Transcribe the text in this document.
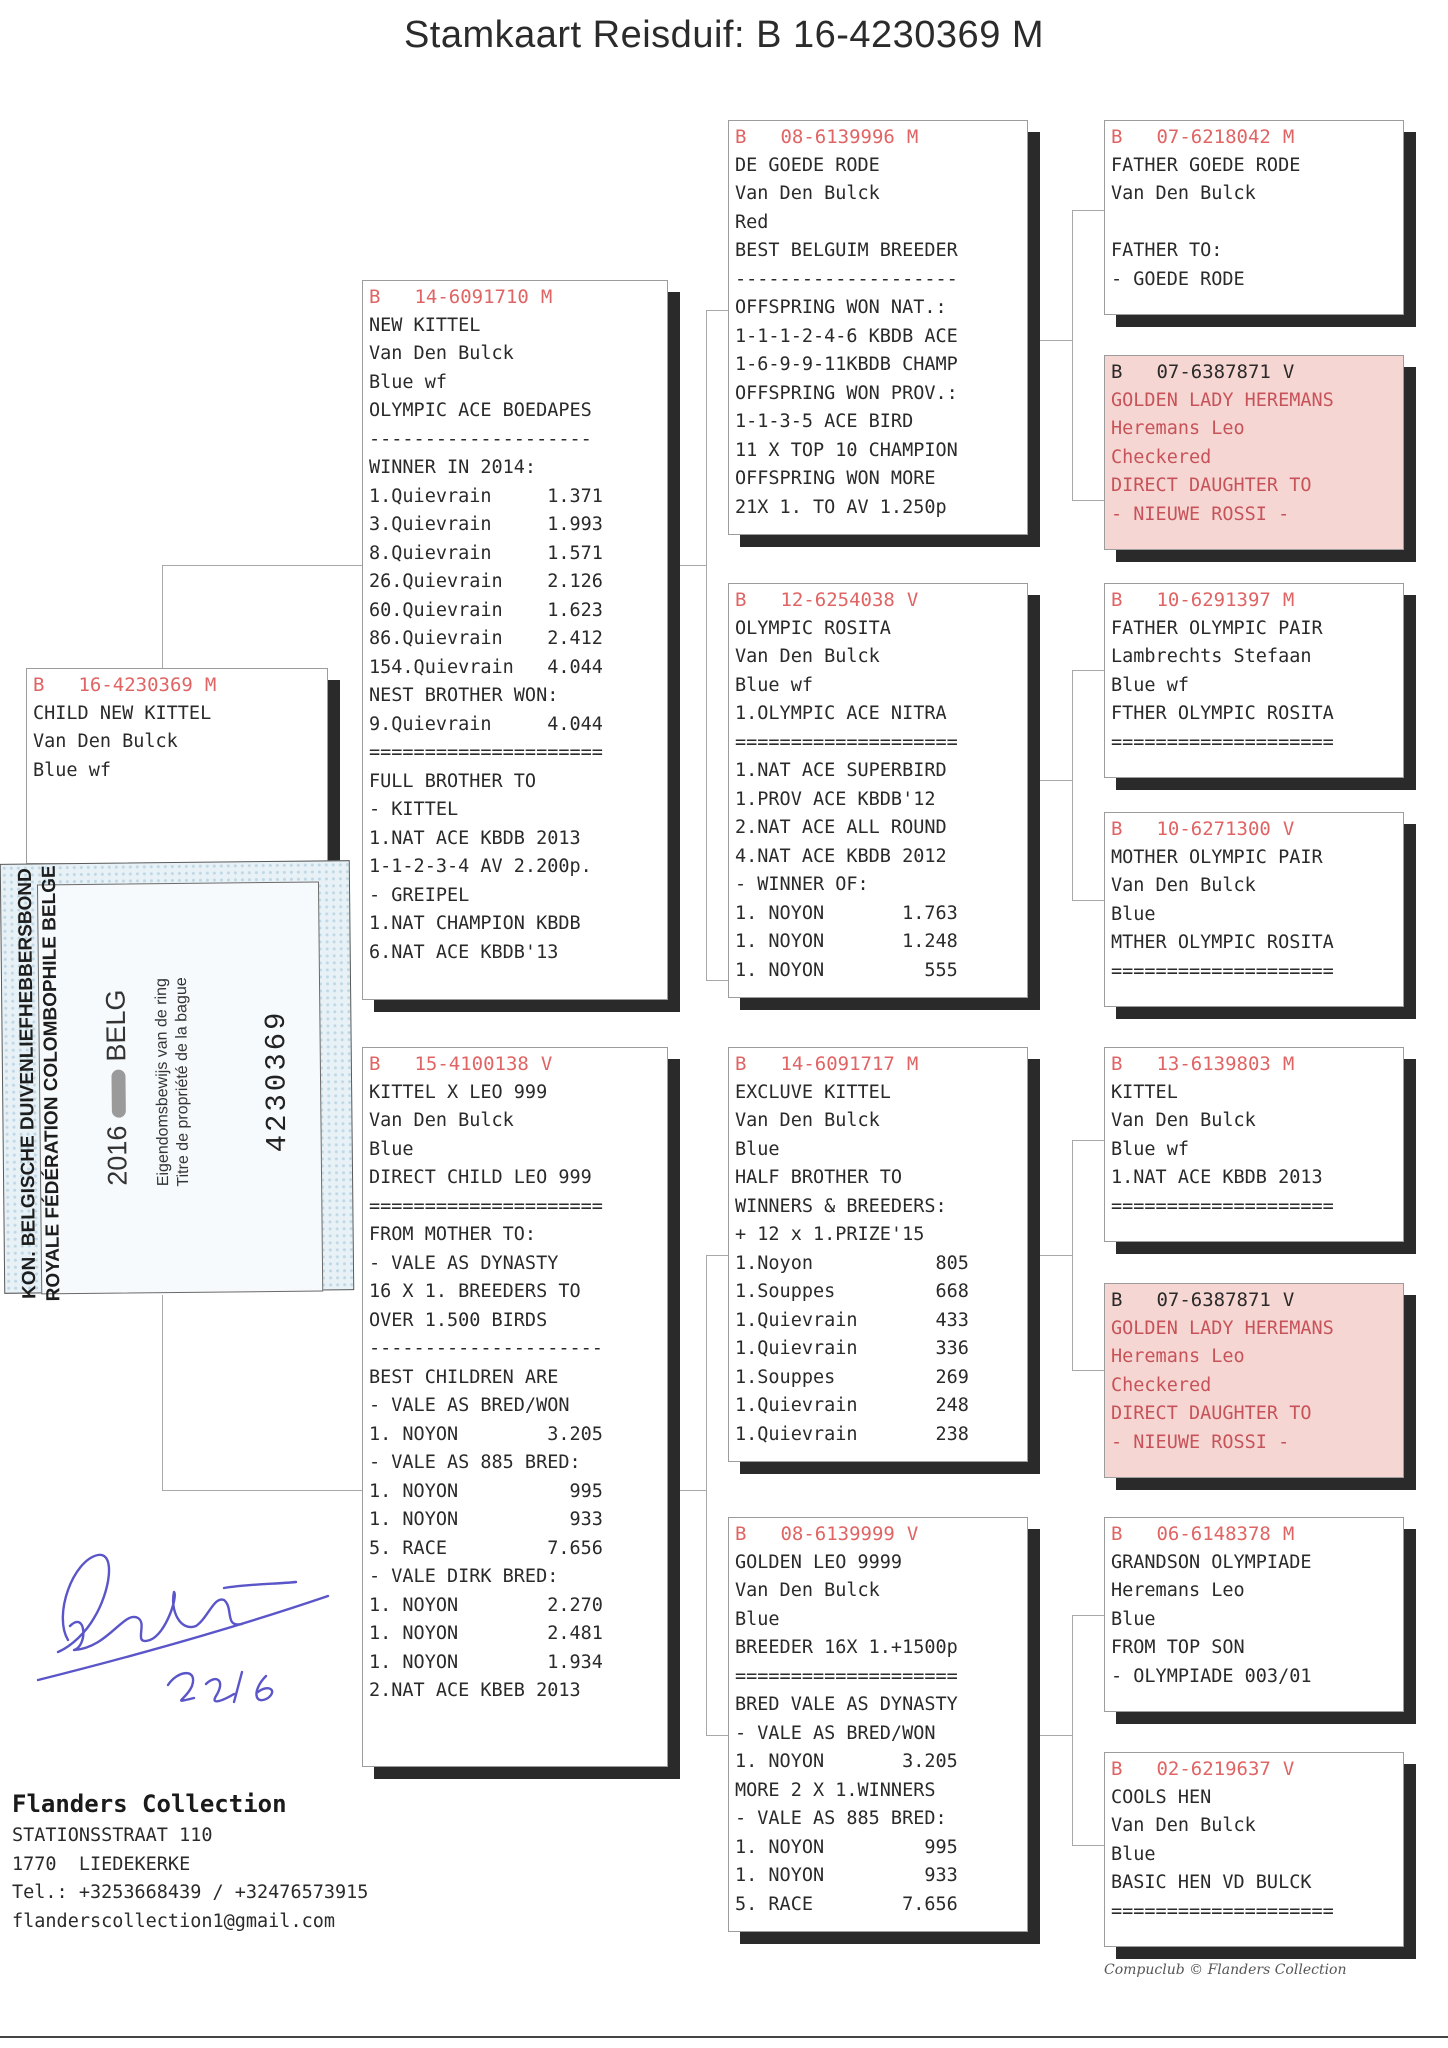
Stamkaart Reisduif: B 16-4230369 M
B 16-4230369 M
CHILD NEW KITTEL
Van Den Bulck
Blue wf
B 14-6091710 M
NEW KITTEL
Van Den Bulck
Blue wf
OLYMPIC ACE BOEDAPES
--------------------
WINNER IN 2014:
1.Quievrain     1.371
3.Quievrain     1.993
8.Quievrain     1.571
26.Quievrain    2.126
60.Quievrain    1.623
86.Quievrain    2.412
154.Quievrain   4.044
NEST BROTHER WON:
9.Quievrain     4.044
=====================
FULL BROTHER TO
- KITTEL
1.NAT ACE KBDB 2013
1-1-2-3-4 AV 2.200p.
- GREIPEL
1.NAT CHAMPION KBDB
6.NAT ACE KBDB'13
B 15-4100138 V
KITTEL X LEO 999
Van Den Bulck
Blue
DIRECT CHILD LEO 999
=====================
FROM MOTHER TO:
- VALE AS DYNASTY
16 X 1. BREEDERS TO
OVER 1.500 BIRDS
---------------------
BEST CHILDREN ARE
- VALE AS BRED/WON
1. NOYON        3.205
- VALE AS 885 BRED:
1. NOYON          995
1. NOYON          933
5. RACE         7.656
- VALE DIRK BRED:
1. NOYON        2.270
1. NOYON        2.481
1. NOYON        1.934
2.NAT ACE KBEB 2013
B 08-6139996 M
DE GOEDE RODE
Van Den Bulck
Red
BEST BELGUIM BREEDER
--------------------
OFFSPRING WON NAT.:
1-1-1-2-4-6 KBDB ACE
1-6-9-9-11KBDB CHAMP
OFFSPRING WON PROV.:
1-1-3-5 ACE BIRD
11 X TOP 10 CHAMPION
OFFSPRING WON MORE
21X 1. TO AV 1.250p
B 12-6254038 V
OLYMPIC ROSITA
Van Den Bulck
Blue wf
1.OLYMPIC ACE NITRA
====================
1.NAT ACE SUPERBIRD
1.PROV ACE KBDB'12
2.NAT ACE ALL ROUND
4.NAT ACE KBDB 2012
- WINNER OF:
1. NOYON       1.763
1. NOYON       1.248
1. NOYON         555
B 14-6091717 M
EXCLUVE KITTEL
Van Den Bulck
Blue
HALF BROTHER TO
WINNERS & BREEDERS:
+ 12 x 1.PRIZE'15
1.Noyon           805
1.Souppes         668
1.Quievrain       433
1.Quievrain       336
1.Souppes         269
1.Quievrain       248
1.Quievrain       238
B 08-6139999 V
GOLDEN LEO 9999
Van Den Bulck
Blue
BREEDER 16X 1.+1500p
====================
BRED VALE AS DYNASTY
- VALE AS BRED/WON
1. NOYON       3.205
MORE 2 X 1.WINNERS
- VALE AS 885 BRED:
1. NOYON         995
1. NOYON         933
5. RACE        7.656
B 07-6218042 M
FATHER GOEDE RODE
Van Den Bulck

FATHER TO:
- GOEDE RODE
B 07-6387871 V
GOLDEN LADY HEREMANS
Heremans Leo
Checkered
DIRECT DAUGHTER TO
- NIEUWE ROSSI -
B 10-6291397 M
FATHER OLYMPIC PAIR
Lambrechts Stefaan
Blue wf
FTHER OLYMPIC ROSITA
====================
B 10-6271300 V
MOTHER OLYMPIC PAIR
Van Den Bulck
Blue
MTHER OLYMPIC ROSITA
====================
B 13-6139803 M
KITTEL
Van Den Bulck
Blue wf
1.NAT ACE KBDB 2013
====================
B 07-6387871 V
GOLDEN LADY HEREMANS
Heremans Leo
Checkered
DIRECT DAUGHTER TO
- NIEUWE ROSSI -
B 06-6148378 M
GRANDSON OLYMPIADE
Heremans Leo
Blue
FROM TOP SON
- OLYMPIADE 003/01
B 02-6219637 V
COOLS HEN
Van Den Bulck
Blue
BASIC HEN VD BULCK
====================
KON. BELGISCHE DUIVENLIEFHEBBERSBOND
ROYALE FÉDÉRATION COLOMBOPHILE BELGE 2016BELG Eigendomsbewijs van de ring Titre de propriété de la bague 4230369
Flanders Collection
STATIONSSTRAAT 110
1770  LIEDEKERKE
Tel.: +3253668439 / +32476573915
flanderscollection1@gmail.com
Compuclub © Flanders Collection
